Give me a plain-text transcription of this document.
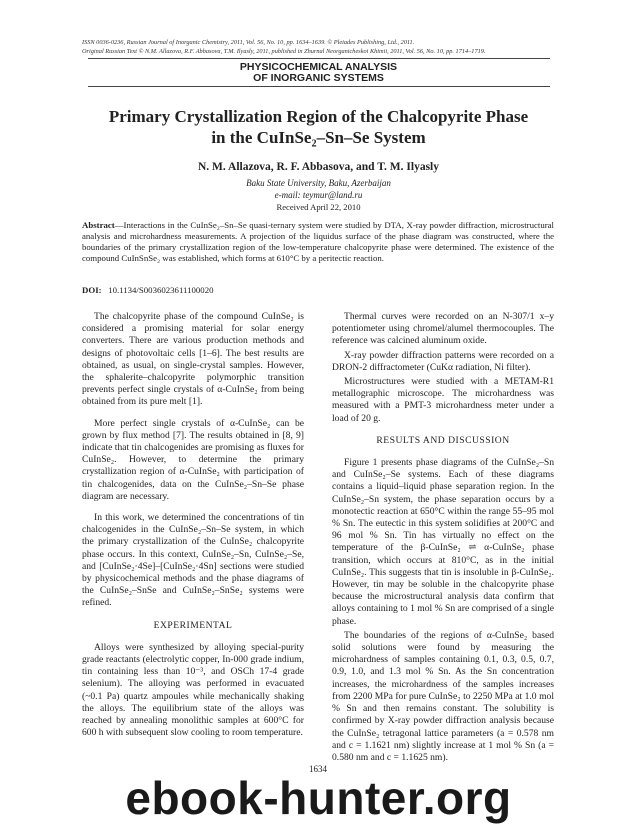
ISSN 0036-0236, Russian Journal of Inorganic Chemistry, 2011, Vol. 56, No. 10, pp. 1634–1639. © Pleiades Publishing, Ltd., 2011.
Original Russian Text © N.M. Allazova, R.F. Abbasova, T.M. Ilyasly, 2011, published in Zhurnal Neorganicheskoi Khimii, 2011, Vol. 56, No. 10, pp. 1714–1719.
PHYSICOCHEMICAL ANALYSIS
OF INORGANIC SYSTEMS
Primary Crystallization Region of the Chalcopyrite Phase
in the CuInSe₂–Sn–Se System
N. M. Allazova, R. F. Abbasova, and T. M. Ilyasly
Baku State University, Baku, Azerbaijan
e-mail: teymur@land.ru
Received April 22, 2010
Abstract—Interactions in the CuInSe₂–Sn–Se quasi-ternary system were studied by DTA, X-ray powder diffraction, microstructural analysis and microhardness measurements. A projection of the liquidus surface of the phase diagram was constructed, where the boundaries of the primary crystallization region of the low-temperature chalcopyrite phase were determined. The existence of the compound CuInSnSe₂ was established, which forms at 610°C by a peritectic reaction.
DOI: 10.1134/S0036023611100020

The chalcopyrite phase of the compound CuInSe₂ is considered a promising material for solar energy converters. There are various production methods and designs of photovoltaic cells [1–6]. The best results are obtained, as usual, on single-crystal samples. However, the sphalerite–chalcopyrite polymorphic transition prevents perfect single crystals of α-CuInSe₂ from being obtained from its pure melt [1].

More perfect single crystals of α-CuInSe₂ can be grown by flux method [7]. The results obtained in [8, 9] indicate that tin chalcogenides are promising as fluxes for CuInSe₂. However, to determine the primary crystallization region of α-CuInSe₂ with participation of tin chalcogenides, data on the CuInSe₂–Sn–Se phase diagram are necessary.

In this work, we determined the concentrations of tin chalcogenides in the CuInSe₂–Sn–Se system, in which the primary crystallization of the CuInSe₂ chalcopyrite phase occurs. In this context, CuInSe₂–Sn, CuInSe₂–Se, and [CuInSe₂·4Se]–[CuInSe₂·4Sn] sections were studied by physicochemical methods and the phase diagrams of the CuInSe₂–SnSe and CuInSe₂–SnSe₂ systems were refined.

EXPERIMENTAL

Alloys were synthesized by alloying special-purity grade reactants (electrolytic copper, In-000 grade indium, tin containing less than 10⁻³, and OSCh 17-4 grade selenium). The alloying was performed in evacuated (~0.1 Pa) quartz ampoules while mechanically shaking the alloys. The equilibrium state of the alloys was reached by annealing monolithic samples at 600°C for 600 h with subsequent slow cooling to room temperature.

Thermal curves were recorded on an N-307/1 x–y potentiometer using chromel/alumel thermocouples. The reference was calcined aluminum oxide.

X-ray powder diffraction patterns were recorded on a DRON-2 diffractometer (CuKα radiation, Ni filter).

Microstructures were studied with a METAM-R1 metallographic microscope. The microhardness was measured with a PMT-3 microhardness meter under a load of 20 g.

RESULTS AND DISCUSSION

Figure 1 presents phase diagrams of the CuInSe₂–Sn and CuInSe₂–Se systems. Each of these diagrams contains a liquid–liquid phase separation region. In the CuInSe₂–Sn system, the phase separation occurs by a monotectic reaction at 650°C within the range 55–95 mol % Sn. The eutectic in this system solidifies at 200°C and 96 mol % Sn. Tin has virtually no effect on the temperature of the β-CuInSe₂ ⇌ α-CuInSe₂ phase transition, which occurs at 810°C, as in the initial CuInSe₂. This suggests that tin is insoluble in β-CuInSe₂. However, tin may be soluble in the chalcopyrite phase because the microstructural analysis data confirm that alloys containing to 1 mol % Sn are comprised of a single phase.

The boundaries of the regions of α-CuInSe₂ based solid solutions were found by measuring the microhardness of samples containing 0.1, 0.3, 0.5, 0.7, 0.9, 1.0, and 1.3 mol % Sn. As the Sn concentration increases, the microhardness of the samples increases from 2200 MPa for pure CuInSe₂ to 2250 MPa at 1.0 mol % Sn and then remains constant. The solubility is confirmed by X-ray powder diffraction analysis because the CuInSe₂ tetragonal lattice parameters (a = 0.578 nm and c = 1.1621 nm) slightly increase at 1 mol % Sn (a = 0.580 nm and c = 1.1625 nm).

1634
ebook-hunter.org
